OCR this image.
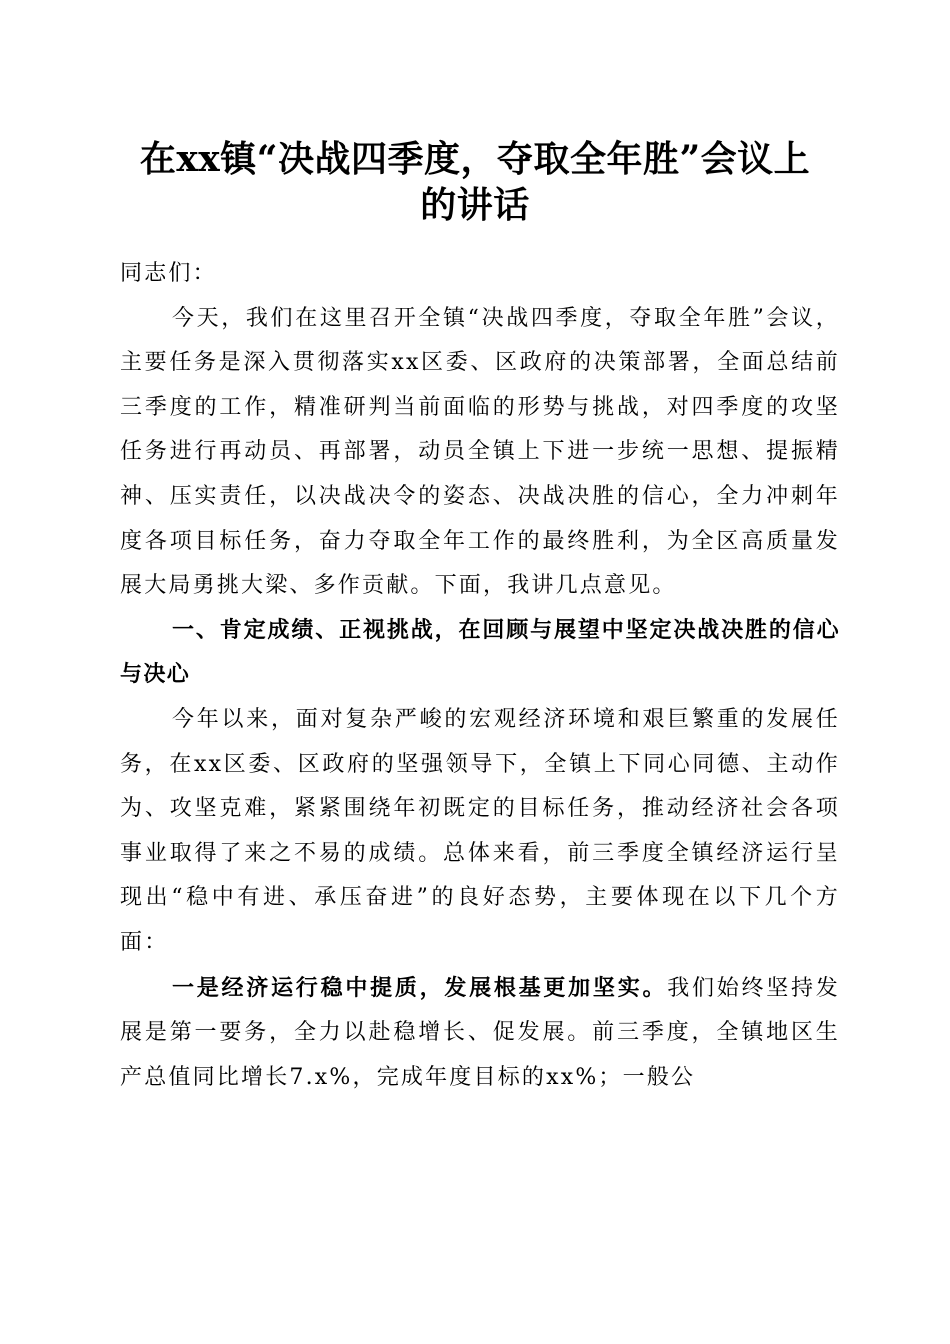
在xx镇“决战四季度，夺取全年胜”会议上
的讲话

同志们：

今天，我们在这里召开全镇“决战四季度，夺取全年胜”会议，主要任务是深入贯彻落实xx区委、区政府的决策部署，全面总结前三季度的工作，精准研判当前面临的形势与挑战，对四季度的攻坚任务进行再动员、再部署，动员全镇上下进一步统一思想、提振精神、压实责任，以决战决令的姿态、决战决胜的信心，全力冲刺年度各项目标任务，奋力夺取全年工作的最终胜利，为全区高质量发展大局勇挑大梁、多作贡献。下面，我讲几点意见。

一、肯定成绩、正视挑战，在回顾与展望中坚定决战决胜的信心与决心

今年以来，面对复杂严峻的宏观经济环境和艰巨繁重的发展任务，在xx区委、区政府的坚强领导下，全镇上下同心同德、主动作为、攻坚克难，紧紧围绕年初既定的目标任务，推动经济社会各项事业取得了来之不易的成绩。总体来看，前三季度全镇经济运行呈现出“稳中有进、承压奋进”的良好态势，主要体现在以下几个方面：

一是经济运行稳中提质，发展根基更加坚实。我们始终坚持发展是第一要务，全力以赴稳增长、促发展。前三季度，全镇地区生产总值同比增长7.x%，完成年度目标的xx%；一般公
